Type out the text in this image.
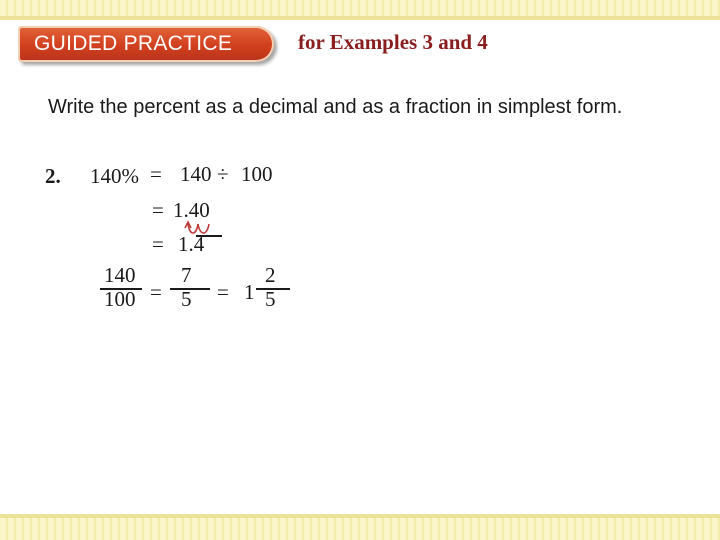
GUIDED PRACTICE	for Examples 3 and 4
Write the percent as a decimal and as a fraction in simplest form.
2. 140% = 140 ÷ 100
= 1.40
= 1.4
140
100 =
7
5 = 1
2
5
